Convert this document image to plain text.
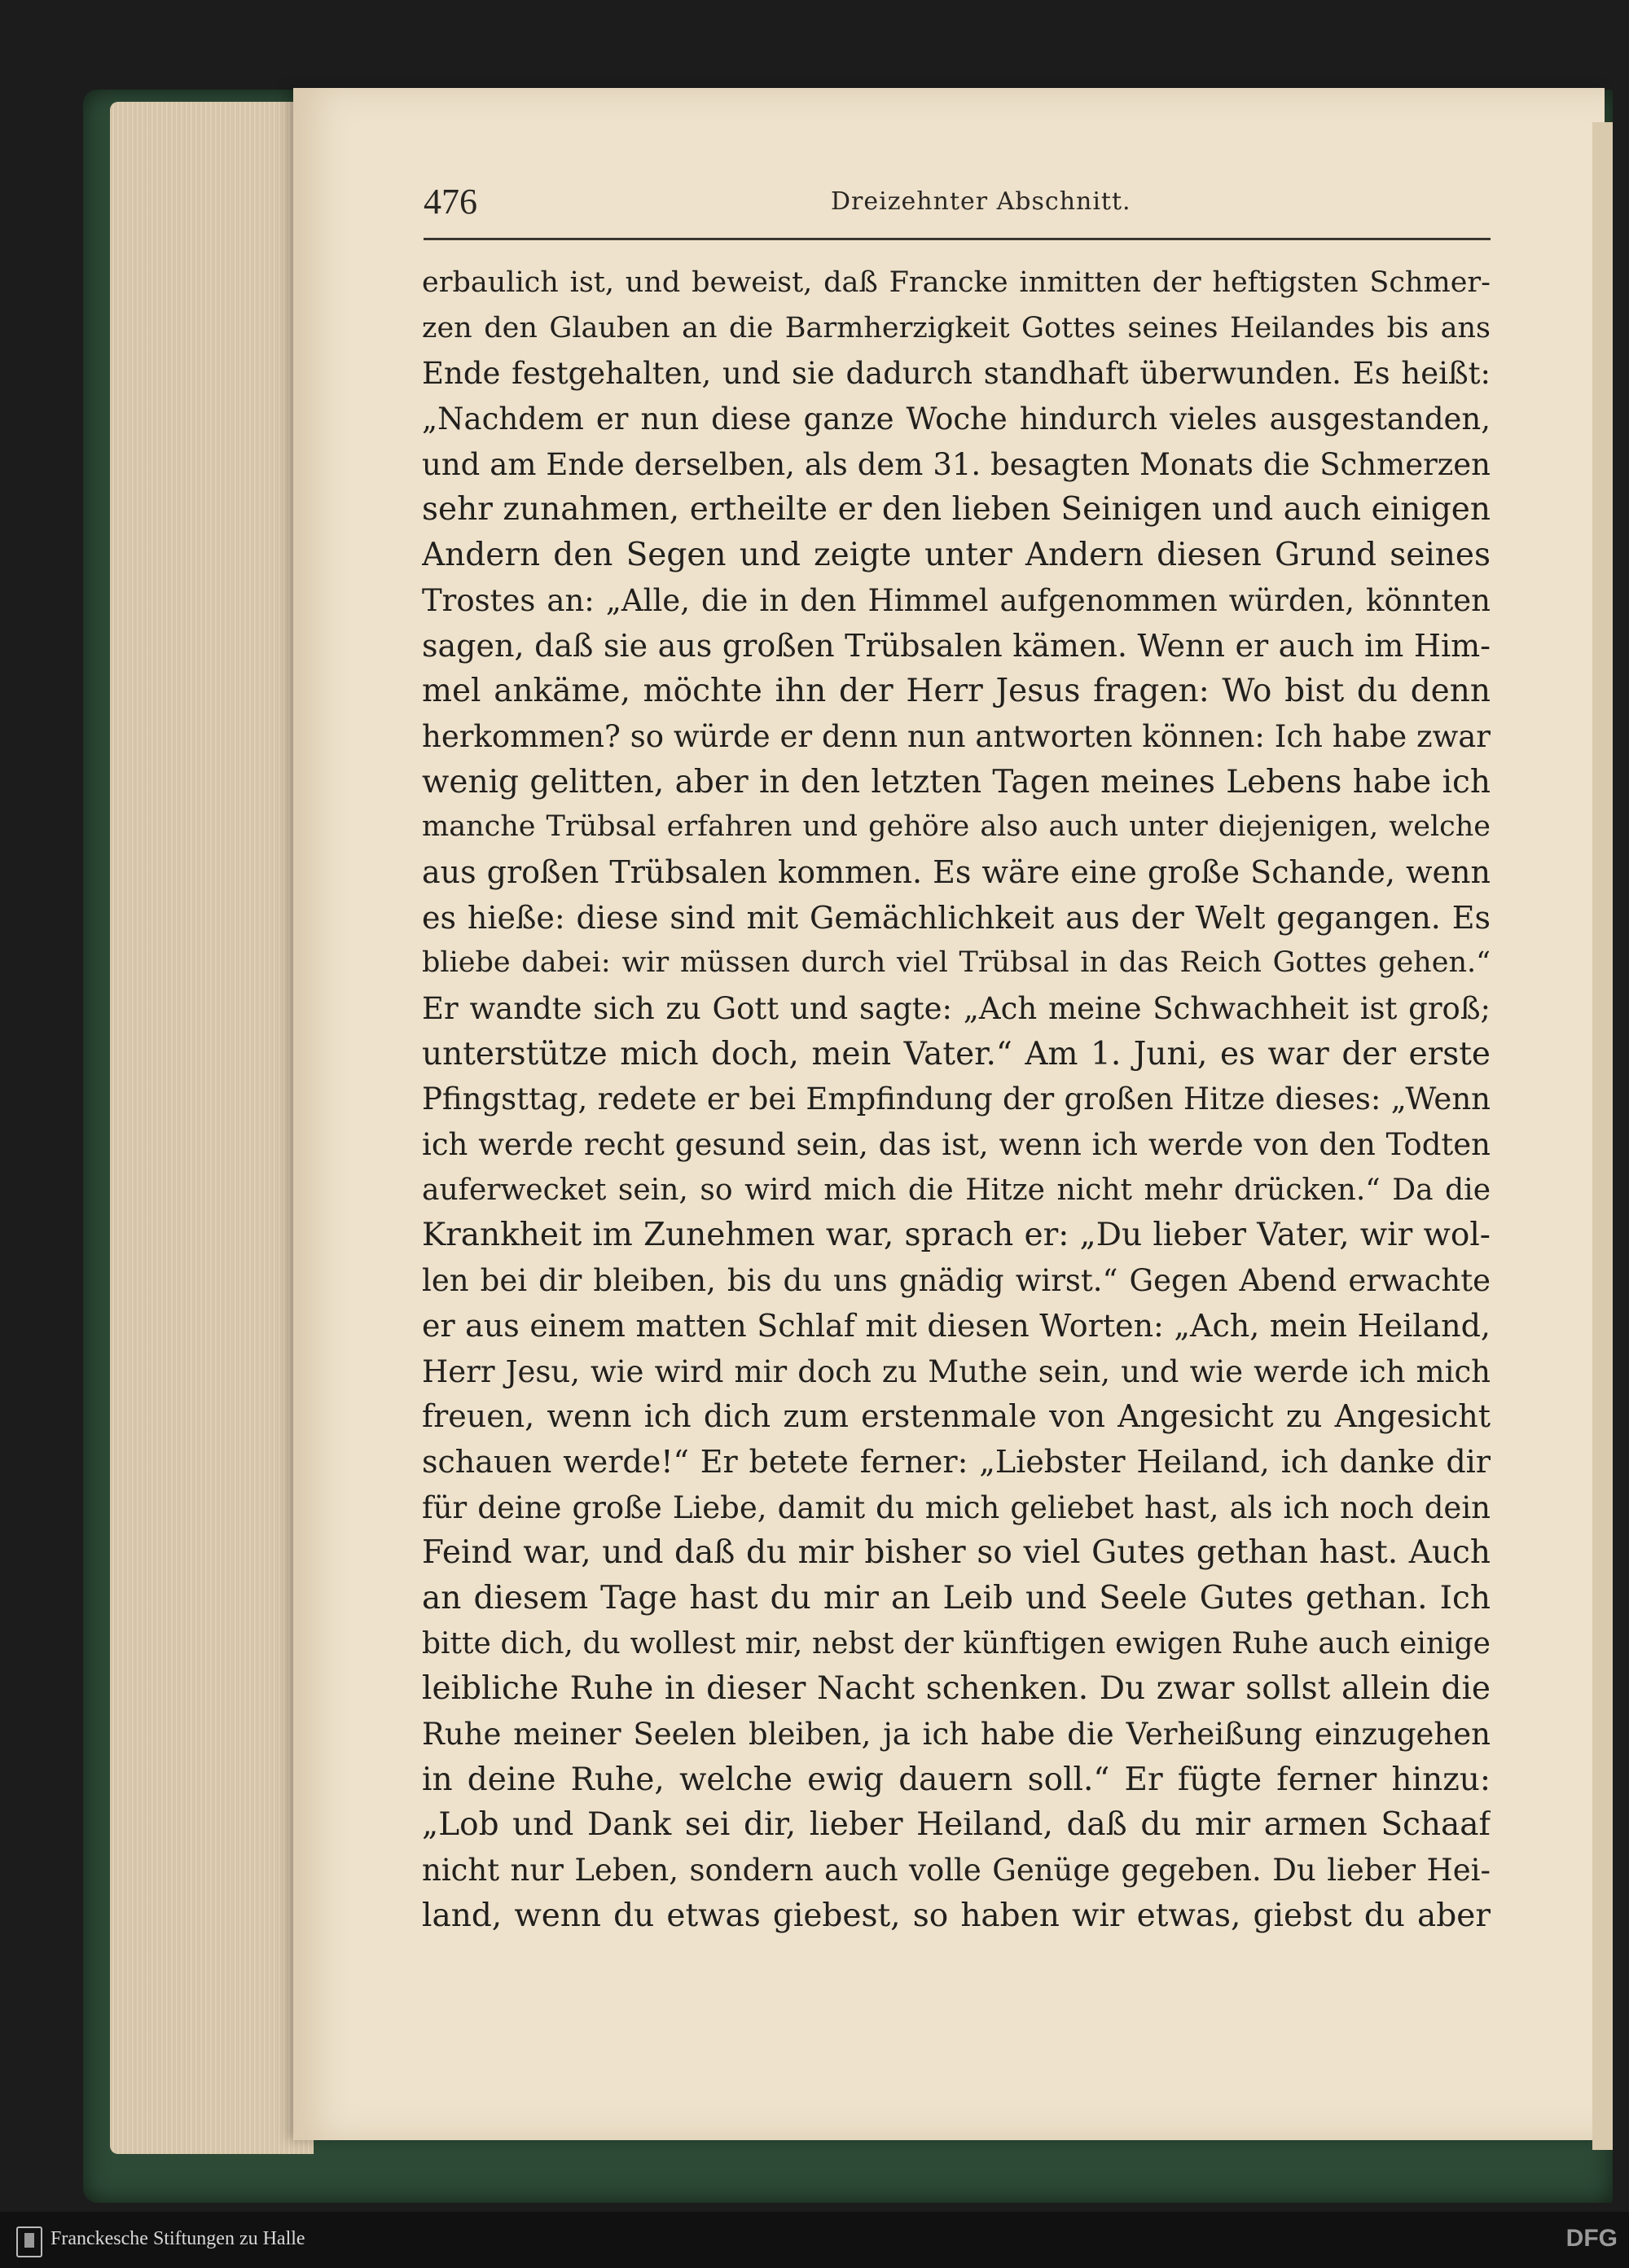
476	Dreizehnter Abschnitt.
erbaulich ist, und beweist, daß Francke inmitten der heftigsten Schmer-
zen den Glauben an die Barmherzigkeit Gottes seines Heilandes bis ans
Ende festgehalten, und sie dadurch standhaft überwunden. Es heißt:
„Nachdem er nun diese ganze Woche hindurch vieles ausgestanden,
und am Ende derselben, als dem 31. besagten Monats die Schmerzen
sehr zunahmen, ertheilte er den lieben Seinigen und auch einigen
Andern den Segen und zeigte unter Andern diesen Grund seines
Trostes an: „Alle, die in den Himmel aufgenommen würden, könnten
sagen, daß sie aus großen Trübsalen kämen. Wenn er auch im Him-
mel ankäme, möchte ihn der Herr Jesus fragen: Wo bist du denn
herkommen? so würde er denn nun antworten können: Ich habe zwar
wenig gelitten, aber in den letzten Tagen meines Lebens habe ich
manche Trübsal erfahren und gehöre also auch unter diejenigen, welche
aus großen Trübsalen kommen. Es wäre eine große Schande, wenn
es hieße: diese sind mit Gemächlichkeit aus der Welt gegangen. Es
bliebe dabei: wir müssen durch viel Trübsal in das Reich Gottes gehen.“
Er wandte sich zu Gott und sagte: „Ach meine Schwachheit ist groß;
unterstütze mich doch, mein Vater.“ Am 1. Juni, es war der erste
Pfingsttag, redete er bei Empfindung der großen Hitze dieses: „Wenn
ich werde recht gesund sein, das ist, wenn ich werde von den Todten
auferwecket sein, so wird mich die Hitze nicht mehr drücken.“ Da die
Krankheit im Zunehmen war, sprach er: „Du lieber Vater, wir wol-
len bei dir bleiben, bis du uns gnädig wirst.“ Gegen Abend erwachte
er aus einem matten Schlaf mit diesen Worten: „Ach, mein Heiland,
Herr Jesu, wie wird mir doch zu Muthe sein, und wie werde ich mich
freuen, wenn ich dich zum erstenmale von Angesicht zu Angesicht
schauen werde!“ Er betete ferner: „Liebster Heiland, ich danke dir
für deine große Liebe, damit du mich geliebet hast, als ich noch dein
Feind war, und daß du mir bisher so viel Gutes gethan hast. Auch
an diesem Tage hast du mir an Leib und Seele Gutes gethan. Ich
bitte dich, du wollest mir, nebst der künftigen ewigen Ruhe auch einige
leibliche Ruhe in dieser Nacht schenken. Du zwar sollst allein die
Ruhe meiner Seelen bleiben, ja ich habe die Verheißung einzugehen
in deine Ruhe, welche ewig dauern soll.“ Er fügte ferner hinzu:
„Lob und Dank sei dir, lieber Heiland, daß du mir armen Schaaf
nicht nur Leben, sondern auch volle Genüge gegeben. Du lieber Hei-
land, wenn du etwas giebest, so haben wir etwas, giebst du aber
Franckesche Stiftungen zu Halle	DFG
